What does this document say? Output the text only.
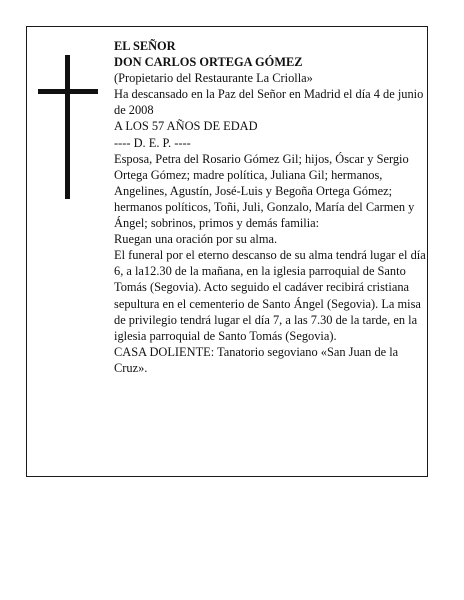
EL SEÑOR

DON CARLOS ORTEGA GÓMEZ

(Propietario del Restaurante La Criolla»

Ha descansado en la Paz del Señor en Madrid el día 4 de junio de 2008

A LOS 57 AÑOS DE EDAD

---- D. E. P. ----

Esposa, Petra del Rosario Gómez Gil; hijos, Óscar y Sergio Ortega Gómez; madre política, Juliana Gil; hermanos, Angelines, Agustín, José-Luis y Begoña Ortega Gómez; hermanos políticos, Toñi, Juli, Gonzalo, María del Carmen y Ángel; sobrinos, primos y demás familia:

Ruegan una oración por su alma.

El funeral por el eterno descanso de su alma tendrá lugar el día 6, a la12.30 de la mañana, en la iglesia parroquial de Santo Tomás (Segovia). Acto seguido el cadáver recibirá cristiana sepultura en el cementerio de Santo Ángel (Segovia). La misa de privilegio tendrá lugar el día 7, a las 7.30 de la tarde, en la iglesia parroquial de Santo Tomás (Segovia).

CASA DOLIENTE: Tanatorio segoviano «San Juan de la Cruz».
